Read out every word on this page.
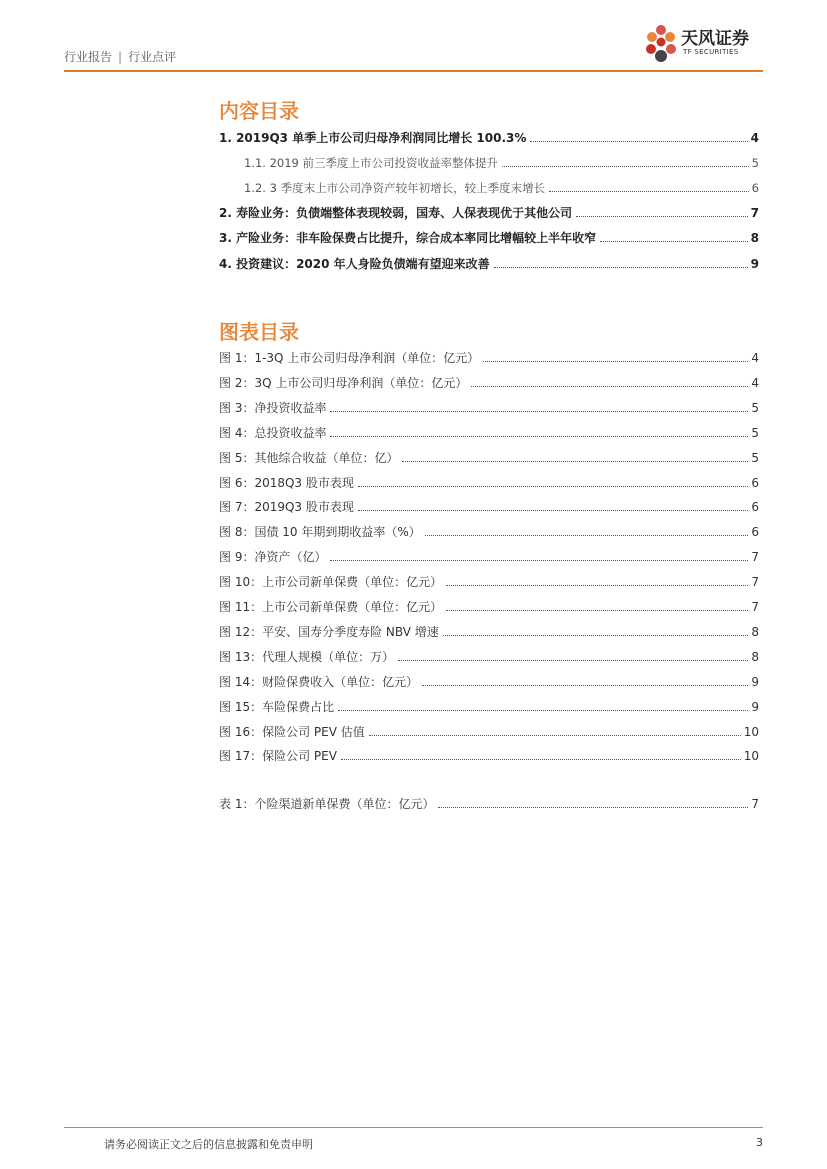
行业报告 | 行业点评
天风证券
TF SECURITIES
内容目录
1. 2019Q3 单季上市公司归母净利润同比增长 100.3%	4
1.1. 2019 前三季度上市公司投资收益率整体提升	5
1.2. 3 季度末上市公司净资产较年初增长，较上季度末增长	6
2. 寿险业务：负债端整体表现较弱，国寿、人保表现优于其他公司	7
3. 产险业务：非车险保费占比提升，综合成本率同比增幅较上半年收窄	8
4. 投资建议：2020 年人身险负债端有望迎来改善	9
图表目录
图 1：1-3Q 上市公司归母净利润（单位：亿元）	4
图 2：3Q 上市公司归母净利润（单位：亿元）	4
图 3：净投资收益率	5
图 4：总投资收益率	5
图 5：其他综合收益（单位：亿）	5
图 6：2018Q3 股市表现	6
图 7：2019Q3 股市表现	6
图 8：国债 10 年期到期收益率（%）	6
图 9：净资产（亿）	7
图 10：上市公司新单保费（单位：亿元）	7
图 11：上市公司新单保费（单位：亿元）	7
图 12：平安、国寿分季度寿险 NBV 增速	8
图 13：代理人规模（单位：万）	8
图 14：财险保费收入（单位：亿元）	9
图 15：车险保费占比	9
图 16：保险公司 PEV 估值	10
图 17：保险公司 PEV	10
表 1：个险渠道新单保费（单位：亿元）	7
请务必阅读正文之后的信息披露和免责申明	3
